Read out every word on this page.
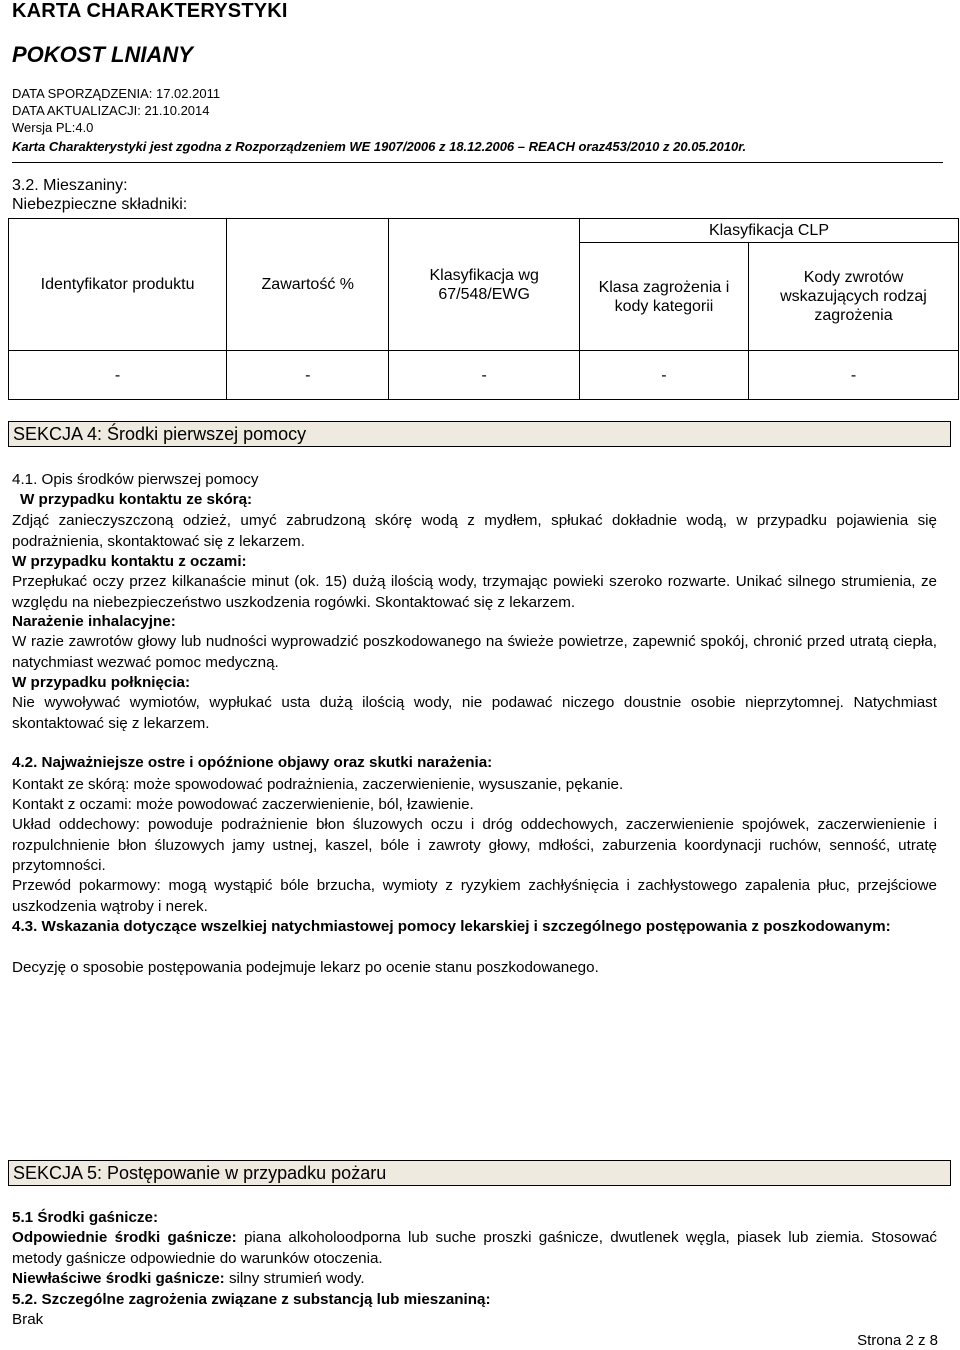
KARTA CHARAKTERYSTYKI
POKOST LNIANY
DATA SPORZĄDZENIA: 17.02.2011
DATA AKTUALIZACJI: 21.10.2014
Wersja PL:4.0
Karta Charakterystyki jest zgodna z Rozporządzeniem WE 1907/2006 z 18.12.2006 – REACH oraz453/2010 z 20.05.2010r.
3.2. Mieszaniny:
Niebezpieczne składniki:
Identyfikator produktu	Zawartość %	Klasyfikacja wg 67/548/EWG	Klasyfikacja CLP	
			Klasa zagrożenia i kody kategorii	Kody zwrotów wskazujących rodzaj zagrożenia
-	-	-	-	-
SEKCJA 4: Środki pierwszej pomocy
4.1. Opis środków pierwszej pomocy
W przypadku kontaktu ze skórą:
Zdjąć zanieczyszczoną odzież, umyć zabrudzoną skórę wodą z mydłem, spłukać dokładnie wodą, w przypadku pojawienia się podrażnienia, skontaktować się z lekarzem.
W przypadku kontaktu z oczami:
Przepłukać oczy przez kilkanaście minut (ok. 15) dużą ilością wody, trzymając powieki szeroko rozwarte. Unikać silnego strumienia, ze względu na niebezpieczeństwo uszkodzenia rogówki. Skontaktować się z lekarzem.
Narażenie inhalacyjne:
W razie zawrotów głowy lub nudności wyprowadzić poszkodowanego na świeże powietrze, zapewnić spokój, chronić przed utratą ciepła, natychmiast wezwać pomoc medyczną.
W przypadku połknięcia:
Nie wywoływać wymiotów, wypłukać usta dużą ilością wody, nie podawać niczego doustnie osobie nieprzytomnej. Natychmiast skontaktować się z lekarzem.
4.2. Najważniejsze ostre i opóźnione objawy oraz skutki narażenia:
Kontakt ze skórą: może spowodować podrażnienia, zaczerwienienie, wysuszanie, pękanie.
Kontakt z oczami: może powodować zaczerwienienie, ból, łzawienie.
Układ oddechowy: powoduje podrażnienie błon śluzowych oczu i dróg oddechowych, zaczerwienienie spojówek, zaczerwienienie i rozpulchnienie błon śluzowych jamy ustnej, kaszel, bóle i zawroty głowy, mdłości, zaburzenia koordynacji ruchów, senność, utratę przytomności.
Przewód pokarmowy: mogą wystąpić bóle brzucha, wymioty z ryzykiem zachłyśnięcia i zachłystowego zapalenia płuc, przejściowe uszkodzenia wątroby i nerek.
4.3. Wskazania dotyczące wszelkiej natychmiastowej pomocy lekarskiej i szczególnego postępowania z poszkodowanym:
Decyzję o sposobie postępowania podejmuje lekarz po ocenie stanu poszkodowanego.
SEKCJA 5: Postępowanie w przypadku pożaru
5.1 Środki gaśnicze:
Odpowiednie środki gaśnicze: piana alkoholoodporna lub suche proszki gaśnicze, dwutlenek węgla, piasek lub ziemia. Stosować metody gaśnicze odpowiednie do warunków otoczenia.
Niewłaściwe środki gaśnicze: silny strumień wody.
5.2. Szczególne zagrożenia związane z substancją lub mieszaniną:
Brak
Strona 2 z 8
